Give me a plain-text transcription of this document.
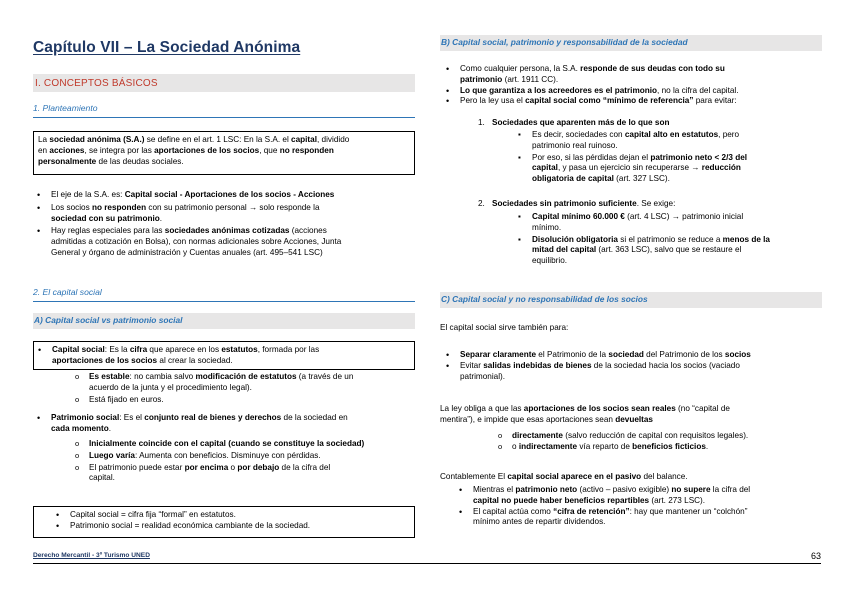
Capítulo VII – La Sociedad Anónima
I. CONCEPTOS BÁSICOS
1. Planteamiento
La sociedad anónima (S.A.) se define en el art. 1 LSC: En la S.A. el capital, dividido
en acciones, se integra por las aportaciones de los socios, que no responden
personalmente de las deudas sociales.
• El eje de la S.A. es: Capital social - Aportaciones de los socios - Acciones
• Los socios no responden con su patrimonio personal → solo responde la
sociedad con su patrimonio.
• Hay reglas especiales para las sociedades anónimas cotizadas (acciones
admitidas a cotización en Bolsa), con normas adicionales sobre Acciones, Junta
General y órgano de administración y Cuentas anuales (art. 495–541 LSC)
2. El capital social
A) Capital social vs patrimonio social
• Capital social: Es la cifra que aparece en los estatutos, formada por las
aportaciones de los socios al crear la sociedad.
o Es estable: no cambia salvo modificación de estatutos (a través de un
acuerdo de la junta y el procedimiento legal).
o Está fijado en euros.
• Patrimonio social: Es el conjunto real de bienes y derechos de la sociedad en
cada momento.
o Inicialmente coincide con el capital (cuando se constituye la sociedad)
o Luego varía: Aumenta con beneficios. Disminuye con pérdidas.
o El patrimonio puede estar por encima o por debajo de la cifra del
capital.
• Capital social = cifra fija “formal” en estatutos.
• Patrimonio social = realidad económica cambiante de la sociedad.
B) Capital social, patrimonio y responsabilidad de la sociedad
• Como cualquier persona, la S.A. responde de sus deudas con todo su
patrimonio (art. 1911 CC).
• Lo que garantiza a los acreedores es el patrimonio, no la cifra del capital.
• Pero la ley usa el capital social como “mínimo de referencia” para evitar:
1. Sociedades que aparenten más de lo que son
▪ Es decir, sociedades con capital alto en estatutos, pero
patrimonio real ruinoso.
▪ Por eso, si las pérdidas dejan el patrimonio neto < 2/3 del
capital, y pasa un ejercicio sin recuperarse → reducción
obligatoria de capital (art. 327 LSC).
2. Sociedades sin patrimonio suficiente. Se exige:
▪ Capital mínimo 60.000 € (art. 4 LSC) → patrimonio inicial
mínimo.
▪ Disolución obligatoria si el patrimonio se reduce a menos de la
mitad del capital (art. 363 LSC), salvo que se restaure el
equilibrio.
C) Capital social y no responsabilidad de los socios
El capital social sirve también para:
• Separar claramente el Patrimonio de la sociedad del Patrimonio de los socios
• Evitar salidas indebidas de bienes de la sociedad hacia los socios (vaciado
patrimonial).
La ley obliga a que las aportaciones de los socios sean reales (no “capital de
mentira”), e impide que esas aportaciones sean devueltas
o directamente (salvo reducción de capital con requisitos legales).
o o indirectamente vía reparto de beneficios ficticios.
Contablemente El capital social aparece en el pasivo del balance.
• Mientras el patrimonio neto (activo – pasivo exigible) no supere la cifra del
capital no puede haber beneficios repartibles (art. 273 LSC).
• El capital actúa como “cifra de retención”: hay que mantener un “colchón”
mínimo antes de repartir dividendos.
Derecho Mercantil - 3º Turismo UNED	63
